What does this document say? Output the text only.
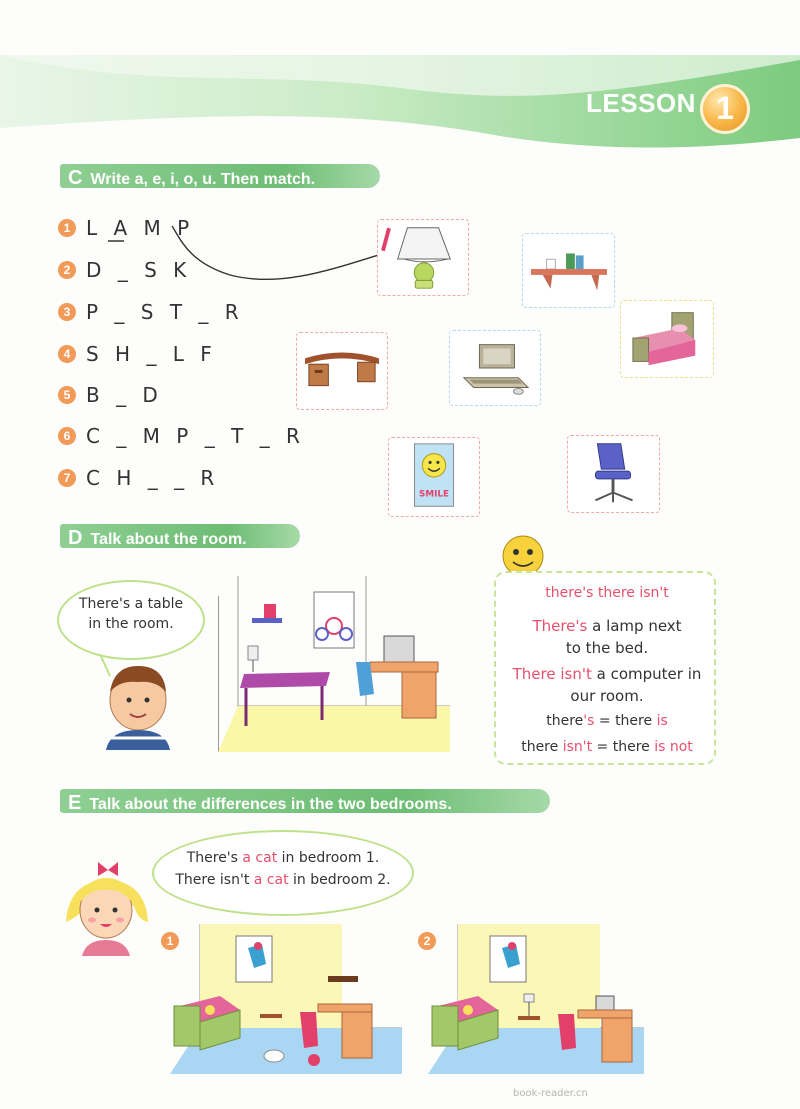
LESSON 1
C Write a, e, i, o, u. Then match.
1 L A M P
2 D _ S K
3 P _ S T _ R
4 S H _ L F
5 B _ D
6 C _ M P _ T _ R
7 C H _ _ R
SMILE
D Talk about the room.
There's a table
in the room.
there's there isn't
There's a lamp next
to the bed.
There isn't a computer in
our room.
there's = there is
there isn't = there is not
E Talk about the differences in the two bedrooms.
There's a cat in bedroom 1.
There isn't a cat in bedroom 2.
1	2
book-reader.cn
